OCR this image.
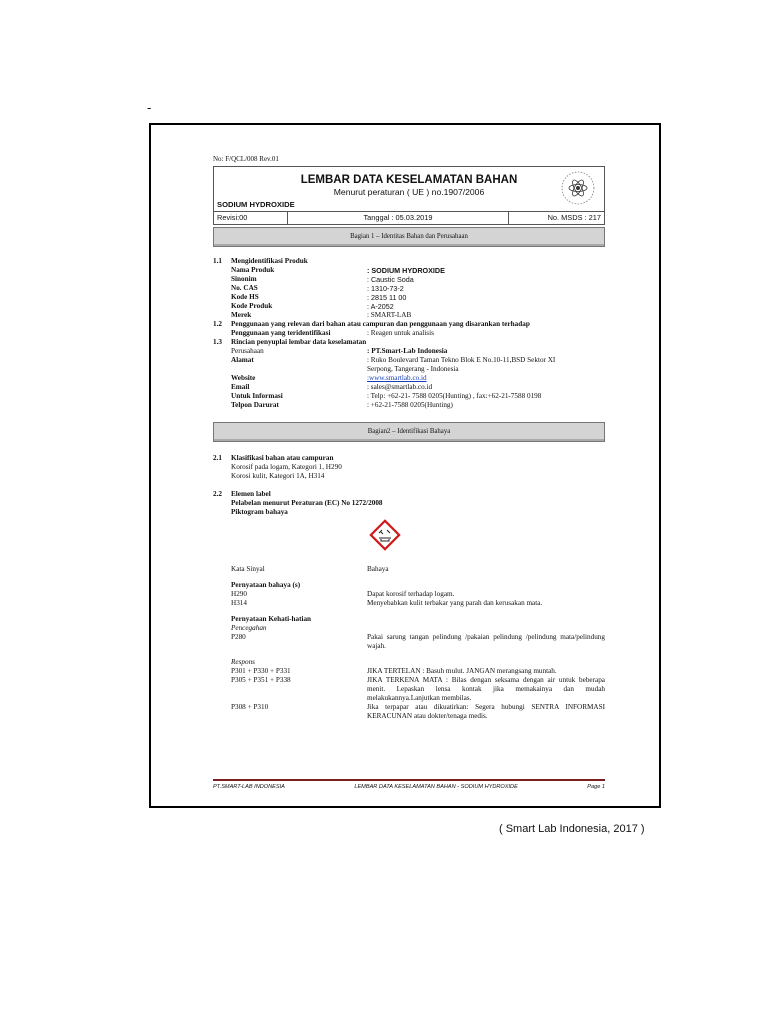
-
No: F/QCL/008 Rev.01
LEMBAR DATA KESELAMATAN BAHAN
Menurut peraturan ( UE ) no.1907/2006
SODIUM HYDROXIDE
Revisi:00	Tanggal : 05.03.2019	No. MSDS : 217
Bagian 1 – Identitas Bahan dan Perusahaan
1.1	Mengidentifikasi Produk
Nama Produk	: SODIUM HYDROXIDE
Sinonim	: Caustic Soda
No. CAS	: 1310-73-2
Kode HS	: 2815 11 00
Kode Produk	: A-2052
Merek	: SMART-LAB
1.2	Penggunaan yang relevan dari bahan atau campuran dan penggunaan yang disarankan terhadap
Penggunaan yang teridentifikasi	: Reagen untuk analisis
1.3	Rincian penyuplai lembar data keselamatan
Perusahaan	: PT.Smart-Lab Indonesia
Alamat	: Ruko Boulevard Taman Tekno Blok E No.10-11,BSD Sektor XI
Serpong, Tangerang - Indonesia
Website	:www.smartlab.co.id
Email	: sales@smartlab.co.id
Untuk Informasi	: Telp: +62-21- 7588 0205(Hunting) , fax:+62-21-7588 0198
Telpon Darurat	: +62-21-7588 0205(Hunting)
Bagian2 – Identifikasi Bahaya
2.1	Klasifikasi bahan atau campuran
Korosif pada logam, Kategori 1, H290
Korosi kulit, Kategori 1A, H314
2.2	Elemen label
Pelabelan menurut Peraturan (EC) No 1272/2008
Piktogram bahaya
Kata Sinyal	Bahaya
Pernyataan bahaya (s)
H290	Dapat korosif terhadap logam.
H314	Menyebabkan kulit terbakar yang parah dan kerusakan mata.
Pernyataan Kehati-hatian
Pencegahan
P280	Pakai sarung tangan pelindung /pakaian pelindung /pelindung mata/pelindung wajah.
Respons
P301 + P330 + P331	JIKA TERTELAN : Basuh mulut. JANGAN merangsang muntah.
P305 + P351 + P338	JIKA TERKENA MATA : Bilas dengan seksama dengan air untuk beberapa menit. Lepaskan lensa kontak jika memakainya dan mudah melakukannya.Lanjutkan membilas.
P308 + P310	Jika terpapar atau dikuatirkan: Segera hubungi SENTRA INFORMASI KERACUNAN atau dokter/tenaga medis.
PT.SMART-LAB INDONESIA	LEMBAR DATA KESELAMATAN BAHAN - SODIUM HYDROXIDE	Page 1
( Smart Lab Indonesia, 2017 )
